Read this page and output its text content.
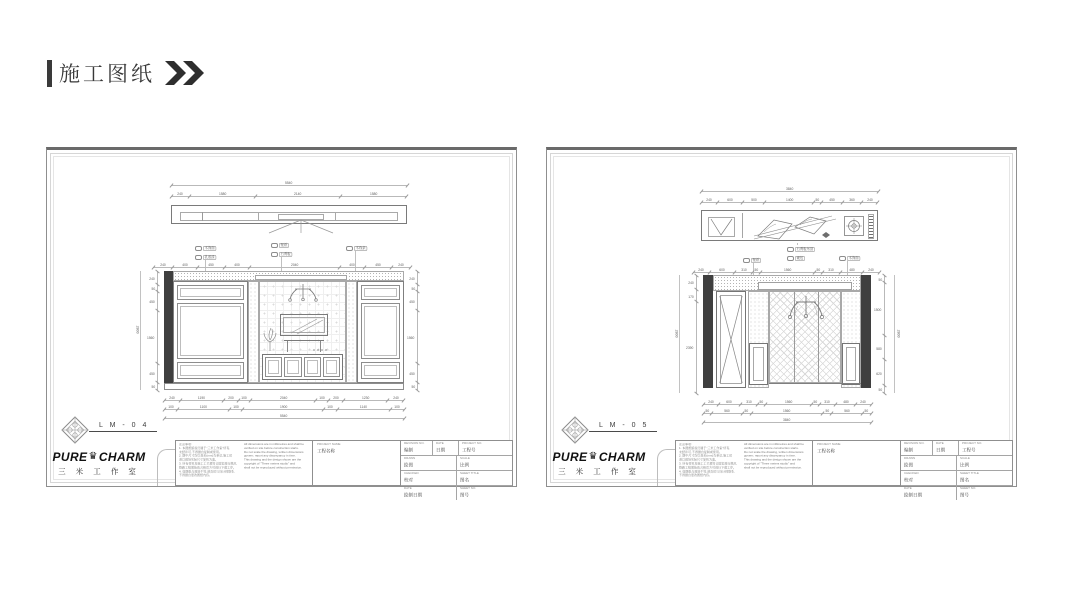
施工图纸
5540
240	1580	2140	1580
木饰面
乳胶漆
壁纸
石膏板
木线条
240	400	450	400	2040	400	450	240
240
50
450
1560
450
50
2800
240
50
450
1560
450
50
240	1190	200 100	2040	100 200	1230	240
100	1100	100	1900	100	1140	100
5540
L M - 0 4
PURE ♛ CHARM
三 米 工 作 室
注意事项:
1. 本图纸版权归属于“三米工作室”所有,
未经许可,不得擅自复制或使用。
2. 图中尺寸均以毫米(mm)为单位,施工时
请以现场实际尺寸复核为准。
3. 所有材料及施工工艺须符合国家现行规范,
隐蔽工程须验收合格后方可进行下道工序。
4. 如图纸与现场不符,请及时与设计师联系,
不得擅自更改图纸内容。
All dimensions are in millimetres and shall be
verified on site before construction starts.
Do not scale the drawing, written dimensions
govern; report any discrepancy in time.
This drawing and the design shown are the
copyright of "Three meters studio" and
shall not be reproduced without permission.
PROJECT NAME
工程名称
REVISION NO.
编制
DATE
日期
PROJECT NO.
工程号
DRAWN
绘图
SCALE
比例
CHECKED
校对
SHEET TITLE
图名
DATE
绘制日期
SHEET NO.
图号
3840
240	600	500	1400	50 450 360 240
石膏板吊顶
壁纸
硬包	木饰面
240	600	310 50	1560	50 310 480 240
240
170
2390
2800
50
1500
580
620
50
2800
240 600 310 50	1560	50 310 480 240
50	560	50	1560	50	560	50
3840
L M - 0 5
PURE ♛ CHARM
三 米 工 作 室
注意事项:
1. 本图纸版权归属于“三米工作室”所有,
未经许可,不得擅自复制或使用。
2. 图中尺寸均以毫米(mm)为单位,施工时
请以现场实际尺寸复核为准。
3. 所有材料及施工工艺须符合国家现行规范,
隐蔽工程须验收合格后方可进行下道工序。
4. 如图纸与现场不符,请及时与设计师联系,
不得擅自更改图纸内容。
All dimensions are in millimetres and shall be
verified on site before construction starts.
Do not scale the drawing, written dimensions
govern; report any discrepancy in time.
This drawing and the design shown are the
copyright of "Three meters studio" and
shall not be reproduced without permission.
PROJECT NAME
工程名称
REVISION NO.
编制
DATE
日期
PROJECT NO.
工程号
DRAWN
绘图
SCALE
比例
CHECKED
校对
SHEET TITLE
图名
DATE
绘制日期
SHEET NO.
图号
